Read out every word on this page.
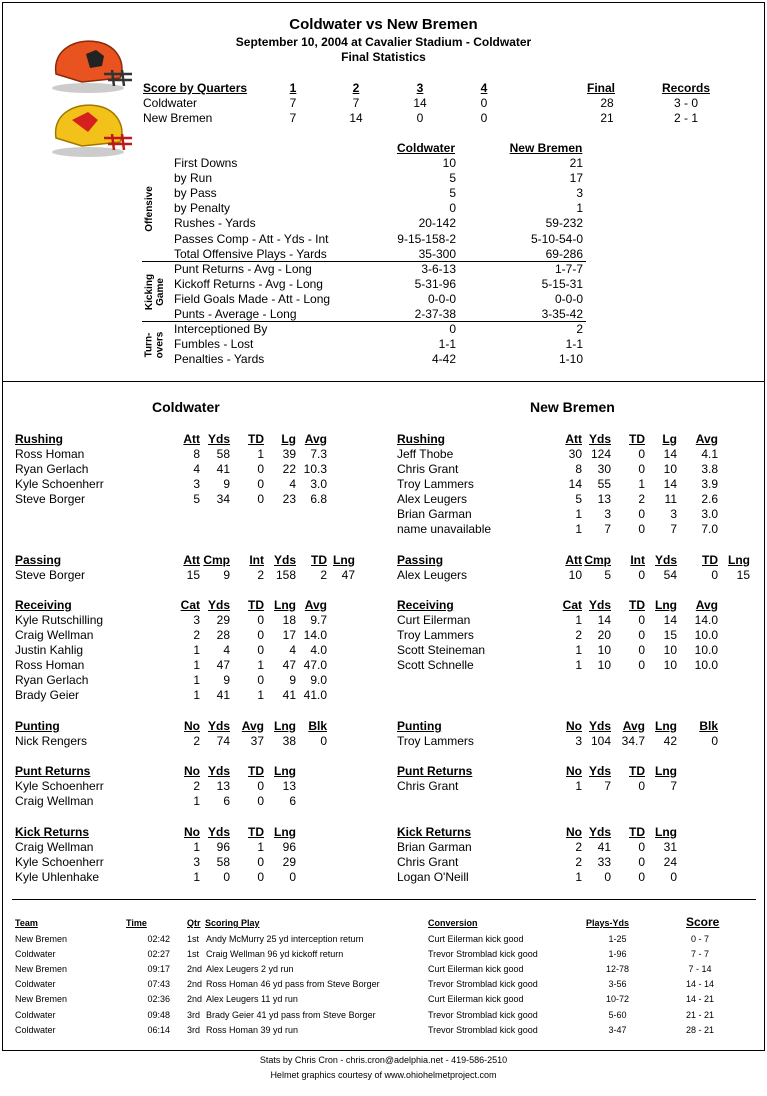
Coldwater vs New Bremen
September 10, 2004 at Cavalier Stadium - Coldwater
Final Statistics
Score by Quarters	1	2	3	4	Final	Records
Coldwater	7	7	14	0	28	3 - 0
New Bremen	7	14	0	0	21	2 - 1
Coldwater	New Bremen
First Downs	10	21
by Run	5	17
by Pass	5	3
by Penalty	0	1
Rushes - Yards	20-142	59-232
Passes Comp - Att - Yds - Int	9-15-158-2	5-10-54-0
Total Offensive Plays - Yards	35-300	69-286
Punt Returns - Avg - Long	3-6-13	1-7-7
Kickoff Returns - Avg - Long	5-31-96	5-15-31
Field Goals Made - Att - Long	0-0-0	0-0-0
Punts - Average - Long	2-37-38	3-35-42
Interceptioned By	0	2
Fumbles - Lost	1-1	1-1
Penalties - Yards	4-42	1-10
Offensive
Kicking Game
Turn-overs
Coldwater	New Bremen
Rushing	Att Yds	TD	Lg Avg
Ross Homan	8	58	1	39	7.3
Ryan Gerlach	4	41	0	22 10.3
Kyle Schoenherr	3	9	0	4	3.0
Steve Borger	5	34	0	23	6.8
Rushing	Att Yds	TD	Lg	Avg
Jeff Thobe	30 124	0	14	4.1
Chris Grant	8	30	0	10	3.8
Troy Lammers	14	55	1	14	3.9
Alex Leugers	5	13	2	11	2.6
Brian Garman	1	3	0	3	3.0
name unavailable	1	7	0	7	7.0
Passing	Att Cmp	Int Yds	TD Lng
Steve Borger	15	9	2 158	2	47
Passing	Att Cmp	Int Yds	TD Lng
Alex Leugers	10	5	0	54	0	15
Receiving	Cat Yds	TD Lng Avg
Kyle Rutschilling	3	29	0	18	9.7
Craig Wellman	2	28	0	17 14.0
Justin Kahlig	1	4	0	4	4.0
Ross Homan	1	47	1	47 47.0
Ryan Gerlach	1	9	0	9	9.0
Brady Geier	1	41	1	41 41.0
Receiving	Cat Yds	TD Lng	Avg
Curt Eilerman	1	14	0	14	14.0
Troy Lammers	2	20	0	15	10.0
Scott Steineman	1	10	0	10	10.0
Scott Schnelle	1	10	0	10	10.0
Punting	No Yds Avg Lng	Blk
Nick Rengers	2	74	37	38	0
Punting	No Yds Avg Lng	Blk
Troy Lammers	3 104 34.7	42	0
Punt Returns	No Yds	TD Lng
Kyle Schoenherr	2	13	0	13
Craig Wellman	1	6	0	6
Punt Returns	No Yds	TD Lng
Chris Grant	1	7	0	7
Kick Returns	No Yds	TD Lng
Craig Wellman	1	96	1	96
Kyle Schoenherr	3	58	0	29
Kyle Uhlenhake	1	0	0	0
Kick Returns	No Yds	TD Lng
Brian Garman	2	41	0	31
Chris Grant	2	33	0	24
Logan O'Neill	1	0	0	0
Team	Time	Qtr Scoring Play	Conversion	Plays-Yds	Score
New Bremen	02:42 1st Andy McMurry 25 yd interception return	Curt Eilerman kick good	1-25	0 - 7
Coldwater	02:27 1st Craig Wellman 96 yd kickoff return	Trevor Stromblad kick good	1-96	7 - 7
New Bremen	09:17 2nd Alex Leugers 2 yd run	Curt Eilerman kick good	12-78	7 - 14
Coldwater	07:43 2nd Ross Homan 46 yd pass from Steve Borger	Trevor Stromblad kick good	3-56	14 - 14
New Bremen	02:36 2nd Alex Leugers 11 yd run	Curt Eilerman kick good	10-72	14 - 21
Coldwater	09:48 3rd Brady Geier 41 yd pass from Steve Borger	Trevor Stromblad kick good	5-60	21 - 21
Coldwater	06:14 3rd Ross Homan 39 yd run	Trevor Stromblad kick good	3-47	28 - 21
Stats by Chris Cron - chris.cron@adelphia.net - 419-586-2510
Helmet graphics courtesy of www.ohiohelmetproject.com
